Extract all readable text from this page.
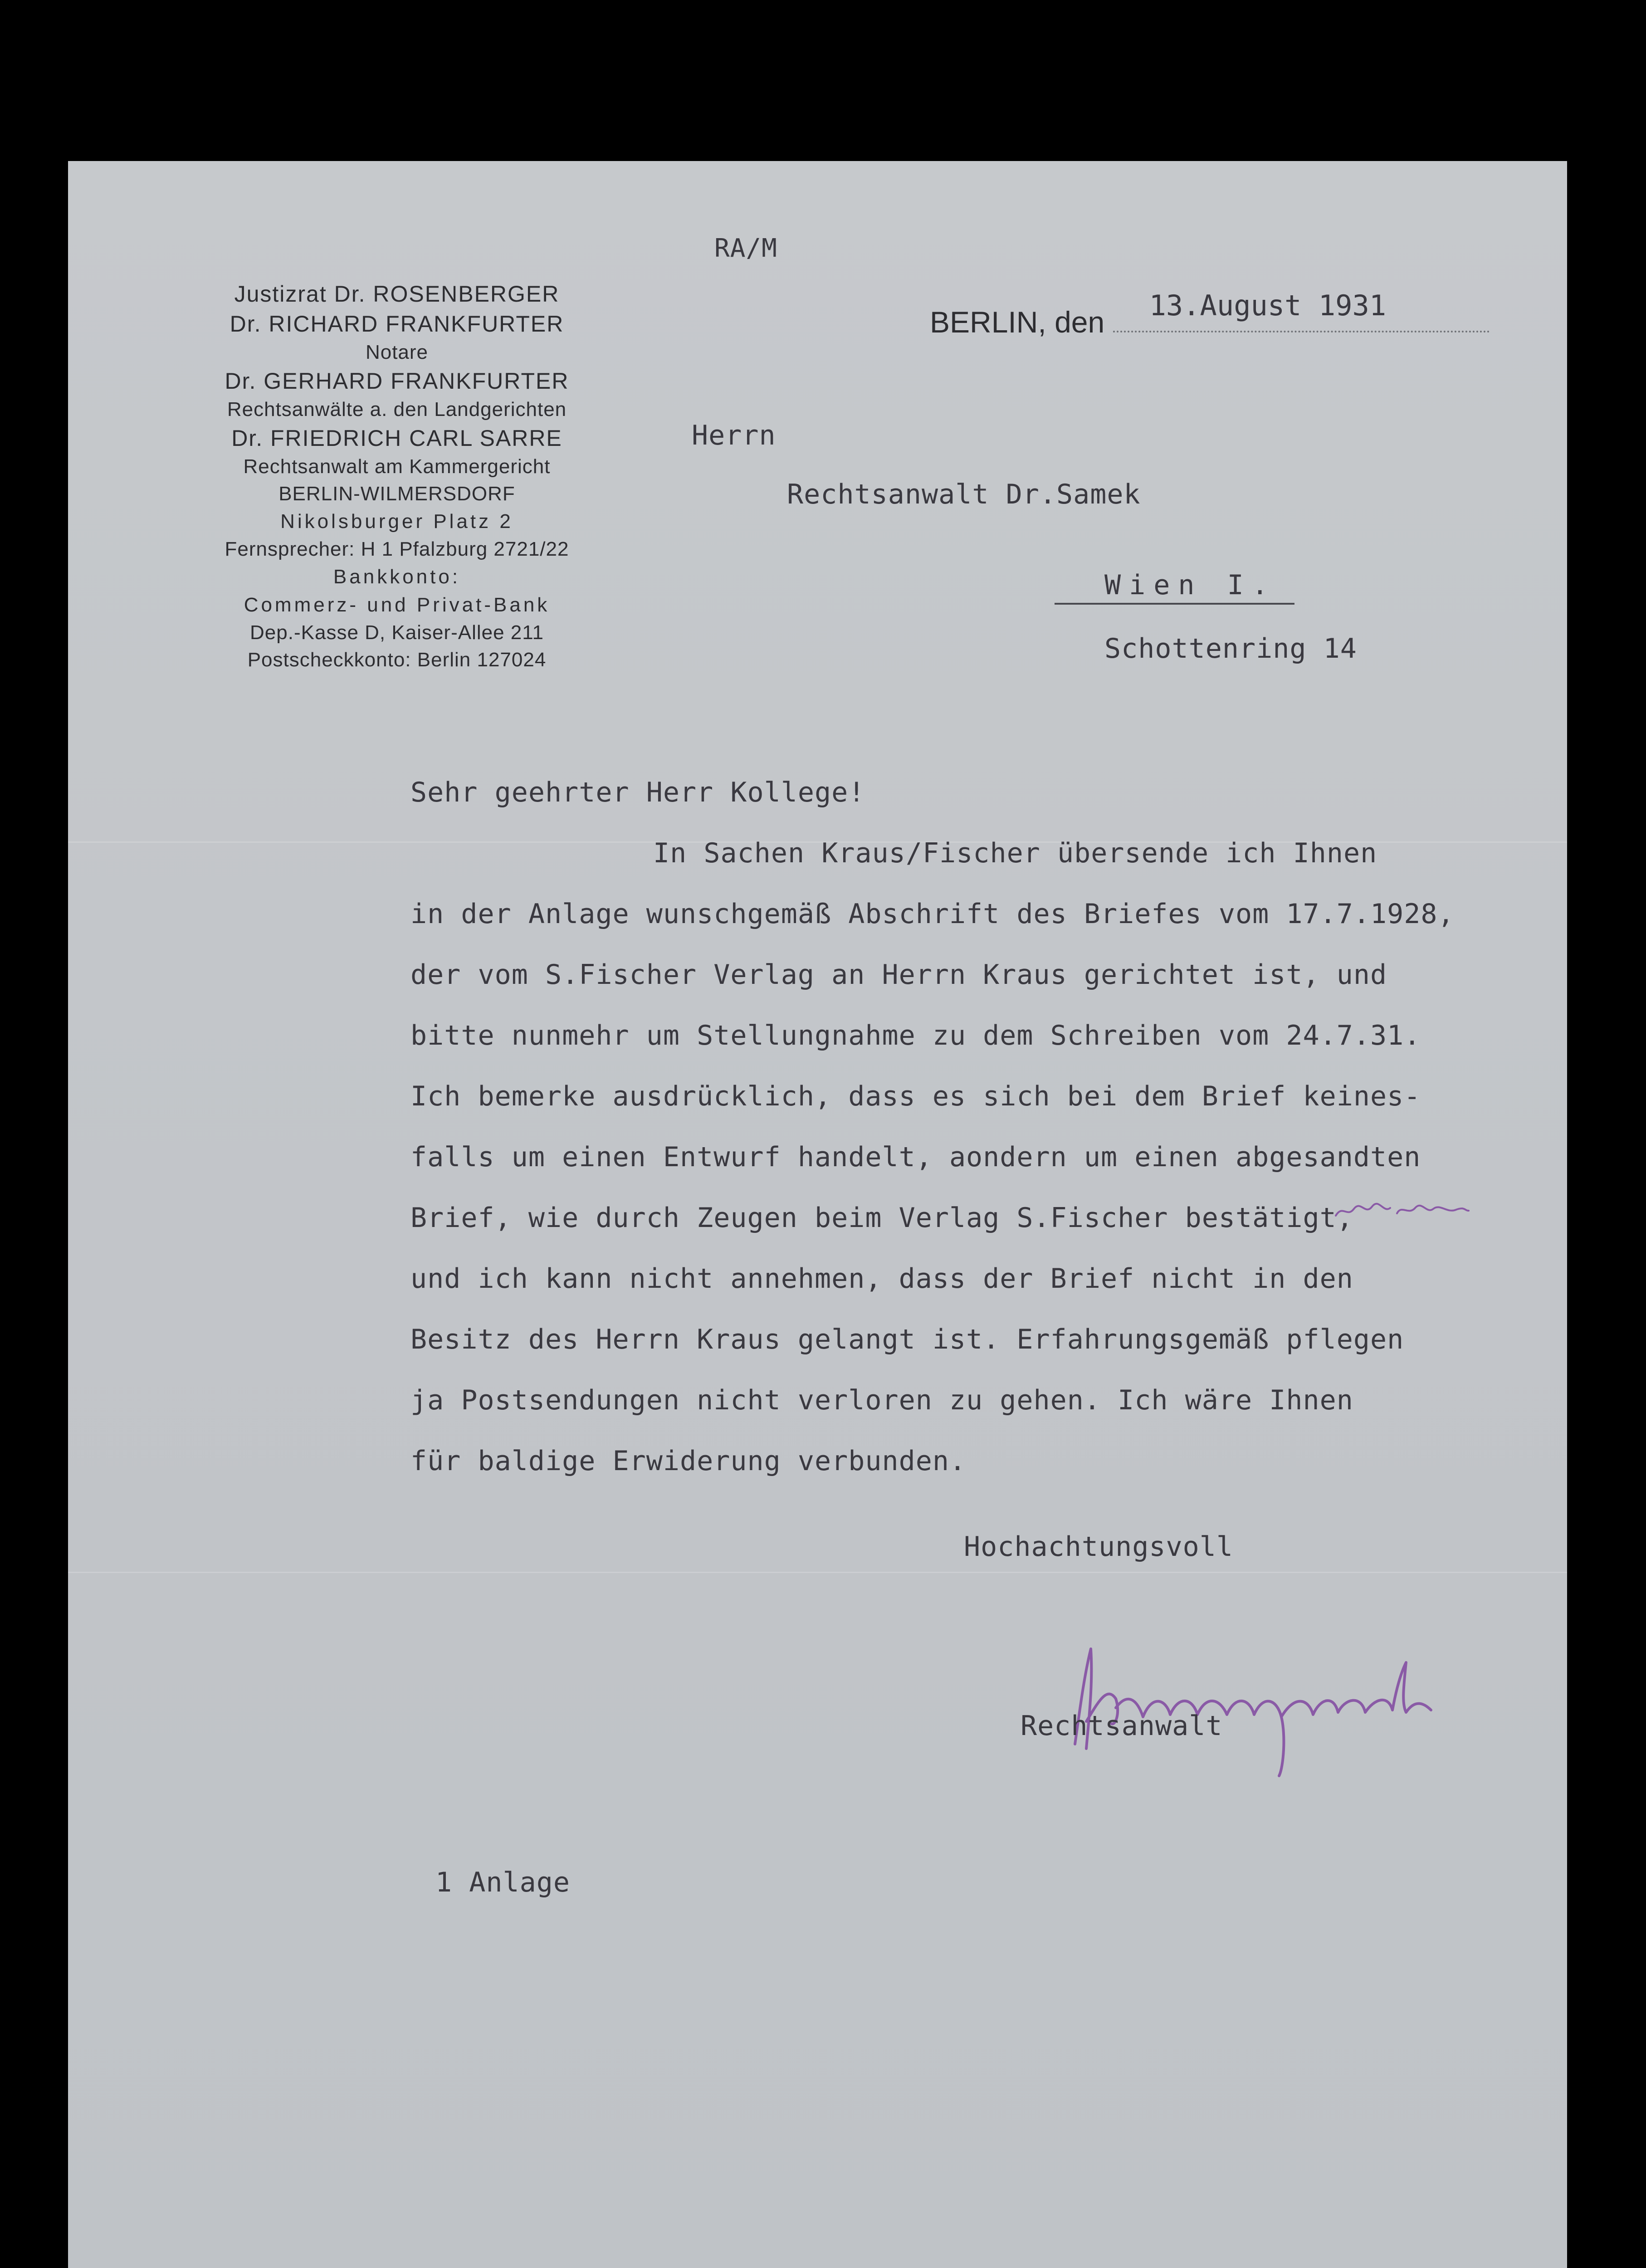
Justizrat Dr. ROSENBERGER
Dr. RICHARD FRANKFURTER
Notare
Dr. GERHARD FRANKFURTER
Rechtsanwälte a. den Landgerichten
Dr. FRIEDRICH CARL SARRE
Rechtsanwalt am Kammergericht
BERLIN-WILMERSDORF
Nikolsburger Platz 2
Fernsprecher: H 1 Pfalzburg 2721/22
Bankkonto:
Commerz- und Privat-Bank
Dep.-Kasse D, Kaiser-Allee 211
Postscheckkonto: Berlin 127024
RA/M
BERLIN, den 13.August 1931
Herrn
Rechtsanwalt Dr.Samek
Wien I.
Schottenring 14
Sehr geehrter Herr Kollege!
In Sachen Kraus/Fischer übersende ich Ihnen
in der Anlage wunschgemäß Abschrift des Briefes vom 17.7.1928,
der vom S.Fischer Verlag an Herrn Kraus gerichtet ist, und
bitte nunmehr um Stellungnahme zu dem Schreiben vom 24.7.31.
Ich bemerke ausdrücklich, dass es sich bei dem Brief keines-
falls um einen Entwurf handelt, aondern um einen abgesandten
Brief, wie durch Zeugen beim Verlag S.Fischer bestätigt,
und ich kann nicht annehmen, dass der Brief nicht in den
Besitz des Herrn Kraus gelangt ist. Erfahrungsgemäß pflegen
ja Postsendungen nicht verloren zu gehen. Ich wäre Ihnen
für baldige Erwiderung verbunden.
Hochachtungsvoll
Rechtsanwalt
1 Anlage
